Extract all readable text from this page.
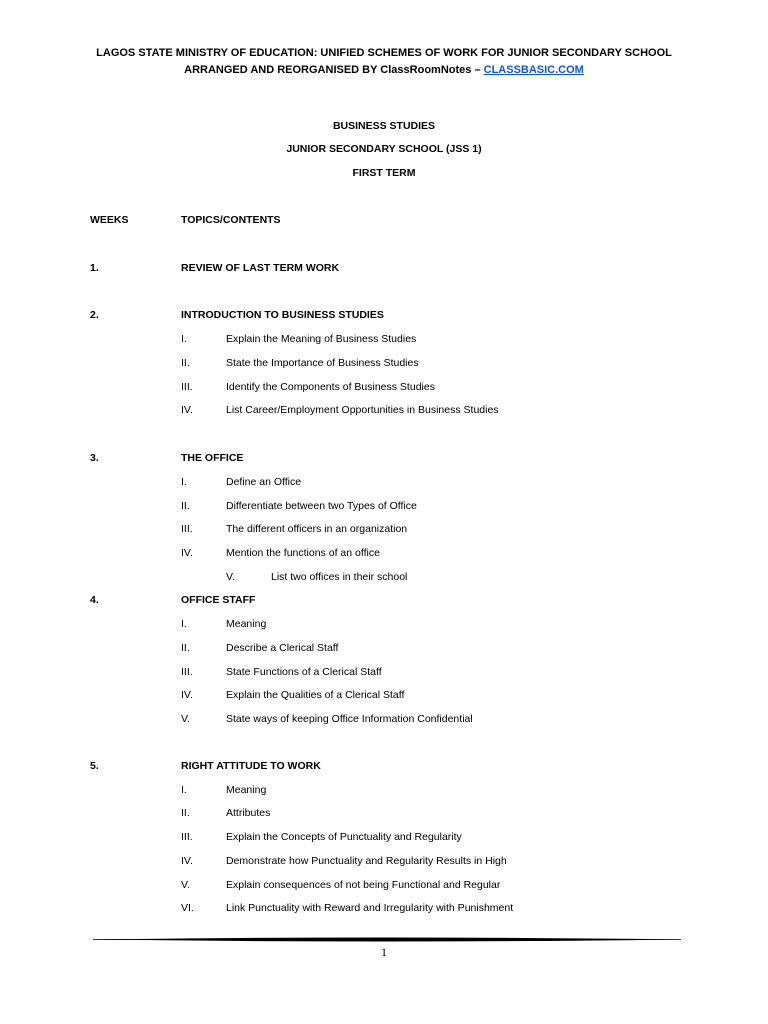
LAGOS STATE MINISTRY OF EDUCATION: UNIFIED SCHEMES OF WORK FOR JUNIOR SECONDARY SCHOOL
ARRANGED AND REORGANISED BY ClassRoomNotes – CLASSBASIC.COM
BUSINESS STUDIES
JUNIOR SECONDARY SCHOOL (JSS 1)
FIRST TERM
WEEKS	TOPICS/CONTENTS
1.	REVIEW OF LAST TERM WORK
2.	INTRODUCTION TO BUSINESS STUDIES
I.	Explain the Meaning of Business Studies
II.	State the Importance of Business Studies
III.	Identify the Components of Business Studies
IV.	List Career/Employment Opportunities in Business Studies
3.	THE OFFICE
I.	Define an Office
II.	Differentiate between two Types of Office
III.	The different officers in an organization
IV.	Mention the functions of an office
V.	List two offices in their school
4.	OFFICE STAFF
I.	Meaning
II.	Describe a Clerical Staff
III.	State Functions of a Clerical Staff
IV.	Explain the Qualities of a Clerical Staff
V.	State ways of keeping Office Information Confidential
5.	RIGHT ATTITUDE TO WORK
I.	Meaning
II.	Attributes
III.	Explain the Concepts of Punctuality and Regularity
IV.	Demonstrate how Punctuality and Regularity Results in High
V.	Explain consequences of not being Functional and Regular
VI.	Link Punctuality with Reward and Irregularity with Punishment
1
